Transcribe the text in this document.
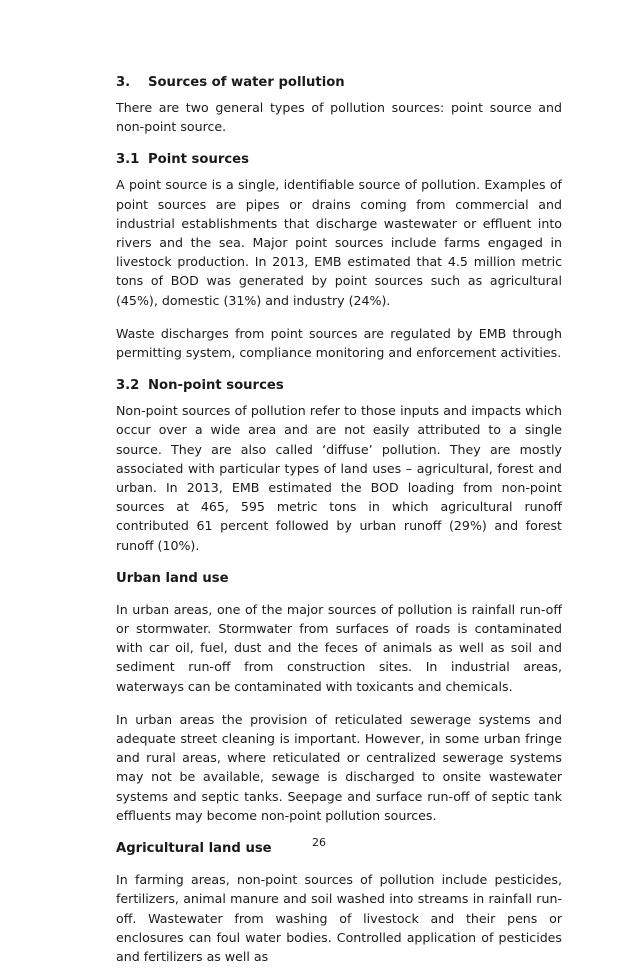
3.	Sources of water pollution

There are two general types of pollution sources: point source and non-point source.

3.1 Point sources

A point source is a single, identifiable source of pollution. Examples of point sources are pipes or drains coming from commercial and industrial establishments that discharge wastewater or effluent into rivers and the sea. Major point sources include farms engaged in livestock production. In 2013, EMB estimated that 4.5 million metric tons of BOD was generated by point sources such as agricultural (45%), domestic (31%) and industry (24%).

Waste discharges from point sources are regulated by EMB through permitting system, compliance monitoring and enforcement activities.

3.2 Non-point sources

Non-point sources of pollution refer to those inputs and impacts which occur over a wide area and are not easily attributed to a single source. They are also called ‘diffuse’ pollution. They are mostly associated with particular types of land uses – agricultural, forest and urban. In 2013, EMB estimated the BOD loading from non-point sources at 465, 595 metric tons in which agricultural runoff contributed 61 percent followed by urban runoff (29%) and forest runoff (10%).

Urban land use

In urban areas, one of the major sources of pollution is rainfall run-off or stormwater. Stormwater from surfaces of roads is contaminated with car oil, fuel, dust and the feces of animals as well as soil and sediment run-off from construction sites. In industrial areas, waterways can be contaminated with toxicants and chemicals.

In urban areas the provision of reticulated sewerage systems and adequate street cleaning is important. However, in some urban fringe and rural areas, where reticulated or centralized sewerage systems may not be available, sewage is discharged to onsite wastewater systems and septic tanks. Seepage and surface run-off of septic tank effluents may become non-point pollution sources.

Agricultural land use

In farming areas, non-point sources of pollution include pesticides, fertilizers, animal manure and soil washed into streams in rainfall run-off. Wastewater from washing of livestock and their pens or enclosures can foul water bodies. Controlled application of pesticides and fertilizers as well as

26
